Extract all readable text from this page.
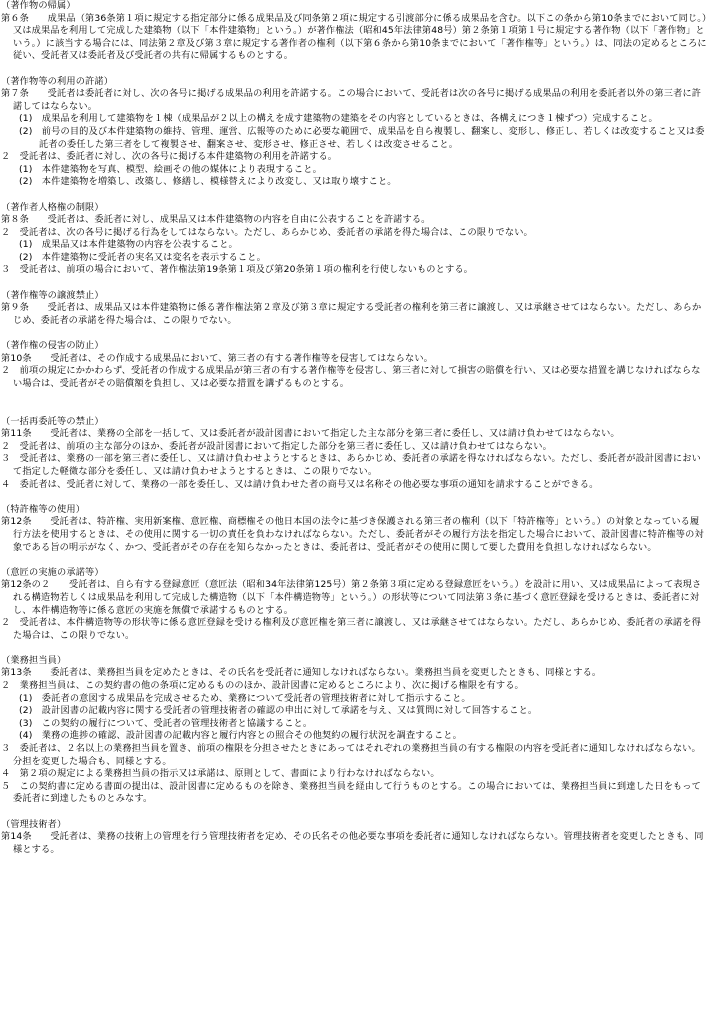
（著作物の帰属）
第６条　　成果品（第36条第１項に規定する指定部分に係る成果品及び同条第２項に規定する引渡部分に係る成果品を含む。以下この条から第10条までにおいて同じ。）又は成果品を利用して完成した建築物（以下「本件建築物」という。）が著作権法（昭和45年法律第48号）第２条第１項第１号に規定する著作物（以下「著作物」という。）に該当する場合には、同法第２章及び第３章に規定する著作者の権利（以下第６条から第10条までにおいて「著作権等」という。）は、同法の定めるところに従い、受託者又は委託者及び受託者の共有に帰属するものとする。
（著作物等の利用の許諾）
第７条　　受託者は委託者に対し、次の各号に掲げる成果品の利用を許諾する。この場合において、受託者は次の各号に掲げる成果品の利用を委託者以外の第三者に許諾してはならない。
(1)　成果品を利用して建築物を１棟（成果品が２以上の構えを成す建築物の建築をその内容としているときは、各構えにつき１棟ずつ）完成すること。
(2)　前号の目的及び本件建築物の維持、管理、運営、広報等のために必要な範囲で、成果品を自ら複製し、翻案し、変形し、修正し、若しくは改変すること又は委託者の委任した第三者をして複製させ、翻案させ、変形させ、修正させ、若しくは改変させること。
２　受託者は、委託者に対し、次の各号に掲げる本件建築物の利用を許諾する。
(1)　本件建築物を写真、模型、絵画その他の媒体により表現すること。
(2)　本件建築物を増築し、改築し、修繕し、模様替えにより改変し、又は取り壊すこと。
（著作者人格権の制限）
第８条　　受託者は、委託者に対し、成果品又は本件建築物の内容を自由に公表することを許諾する。
２　受託者は、次の各号に掲げる行為をしてはならない。ただし、あらかじめ、委託者の承諾を得た場合は、この限りでない。
(1)　成果品又は本件建築物の内容を公表すること。
(2)　本件建築物に受託者の実名又は変名を表示すること。
３　受託者は、前項の場合において、著作権法第19条第１項及び第20条第１項の権利を行使しないものとする。
（著作権等の譲渡禁止）
第９条　　受託者は、成果品又は本件建築物に係る著作権法第２章及び第３章に規定する受託者の権利を第三者に譲渡し、又は承継させてはならない。ただし、あらかじめ、委託者の承諾を得た場合は、この限りでない。
（著作権の侵害の防止）
第10条　　受託者は、その作成する成果品において、第三者の有する著作権等を侵害してはならない。
２　前項の規定にかかわらず、受託者の作成する成果品が第三者の有する著作権等を侵害し、第三者に対して損害の賠償を行い、又は必要な措置を講じなければならない場合は、受託者がその賠償額を負担し、又は必要な措置を講ずるものとする。
（一括再委託等の禁止）
第11条　　受託者は、業務の全部を一括して、又は委託者が設計図書において指定した主な部分を第三者に委任し、又は請け負わせてはならない。
２　受託者は、前項の主な部分のほか、委託者が設計図書において指定した部分を第三者に委任し、又は請け負わせてはならない。
３　受託者は、業務の一部を第三者に委任し、又は請け負わせようとするときは、あらかじめ、委託者の承諾を得なければならない。ただし、委託者が設計図書において指定した軽微な部分を委任し、又は請け負わせようとするときは、この限りでない。
４　委託者は、受託者に対して、業務の一部を委任し、又は請け負わせた者の商号又は名称その他必要な事項の通知を請求することができる。
（特許権等の使用）
第12条　　受託者は、特許権、実用新案権、意匠権、商標権その他日本国の法令に基づき保護される第三者の権利（以下「特許権等」という。）の対象となっている履行方法を使用するときは、その使用に関する一切の責任を負わなければならない。ただし、委託者がその履行方法を指定した場合において、設計図書に特許権等の対象である旨の明示がなく、かつ、受託者がその存在を知らなかったときは、委託者は、受託者がその使用に関して要した費用を負担しなければならない。
（意匠の実施の承諾等）
第12条の２　　受託者は、自ら有する登録意匠（意匠法（昭和34年法律第125号）第２条第３項に定める登録意匠をいう。）を設計に用い、又は成果品によって表現される構造物若しくは成果品を利用して完成した構造物（以下「本件構造物等」という。）の形状等について同法第３条に基づく意匠登録を受けるときは、委託者に対し、本件構造物等に係る意匠の実施を無償で承諾するものとする。
２　受託者は、本件構造物等の形状等に係る意匠登録を受ける権利及び意匠権を第三者に譲渡し、又は承継させてはならない。ただし、あらかじめ、委託者の承諾を得た場合は、この限りでない。
（業務担当員）
第13条　　委託者は、業務担当員を定めたときは、その氏名を受託者に通知しなければならない。業務担当員を変更したときも、同様とする。
２　業務担当員は、この契約書の他の条項に定めるもののほか、設計図書に定めるところにより、次に掲げる権限を有する。
(1)　委託者の意図する成果品を完成させるため、業務について受託者の管理技術者に対して指示すること。
(2)　設計図書の記載内容に関する受託者の管理技術者の確認の申出に対して承諾を与え、又は質問に対して回答すること。
(3)　この契約の履行について、受託者の管理技術者と協議すること。
(4)　業務の進捗の確認、設計図書の記載内容と履行内容との照合その他契約の履行状況を調査すること。
３　委託者は、２名以上の業務担当員を置き、前項の権限を分担させたときにあってはそれぞれの業務担当員の有する権限の内容を受託者に通知しなければならない。分担を変更した場合も、同様とする。
４　第２項の規定による業務担当員の指示又は承諾は、原則として、書面により行わなければならない。
５　この契約書に定める書面の提出は、設計図書に定めるものを除き、業務担当員を経由して行うものとする。この場合においては、業務担当員に到達した日をもって委託者に到達したものとみなす。
（管理技術者）
第14条　　受託者は、業務の技術上の管理を行う管理技術者を定め、その氏名その他必要な事項を委託者に通知しなければならない。管理技術者を変更したときも、同様とする。
